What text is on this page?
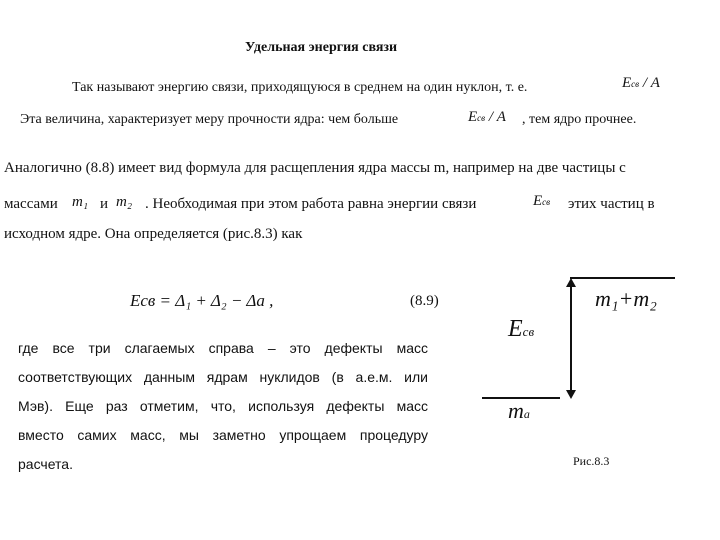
Удельная энергия связи
Так называют энергию связи, приходящуюся в среднем на один нуклон, т. е.	Eсв / A
Эта величина, характеризует меру прочности ядра: чем больше	Eсв / A , тем ядро прочнее.
Аналогично (8.8) имеет вид формула для расщепления ядра массы m, например на две частицы с
массами m₁ и m₂ . Необходимая при этом работа равна энергии связи	Eсв этих частиц в
исходном ядре. Она определяется (рис.8.3) как
Eсв = Δ₁ + Δ₂ − Δa ,	(8.9)
где все три слагаемых справа – это дефекты масс
соответствующих данным ядрам нуклидов (в а.е.м. или
Мэв). Еще раз отметим, что, используя дефекты масс
вместо самих масс, мы заметно упрощаем процедуру
расчета.
m₁+m₂
Eсв
ma
Рис.8.3
